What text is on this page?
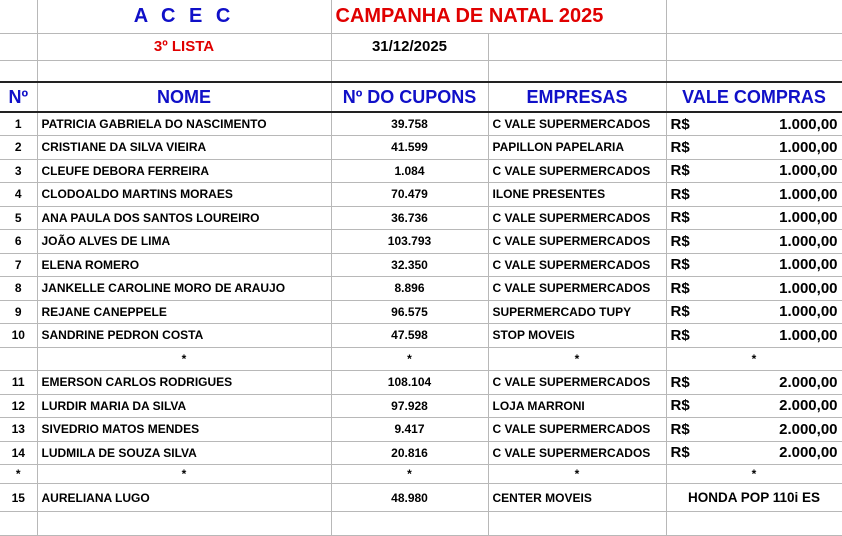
	A C E C	CAMPANHA DE NATAL 2025		
	3º LISTA	31/12/2025		

Nº	NOME	Nº DO CUPONS	EMPRESAS	VALE COMPRAS
1	PATRICIA GABRIELA DO NASCIMENTO	39.758	C VALE SUPERMERCADOS	R$ 1.000,00

2	CRISTIANE DA SILVA VIEIRA	41.599	PAPILLON PAPELARIA	R$ 1.000,00

3	CLEUFE DEBORA FERREIRA	1.084	C VALE SUPERMERCADOS	R$ 1.000,00

4	CLODOALDO MARTINS MORAES	70.479	ILONE PRESENTES	R$ 1.000,00

5	ANA PAULA DOS SANTOS LOUREIRO	36.736	C VALE SUPERMERCADOS	R$ 1.000,00

6	JOÃO ALVES DE LIMA	103.793	C VALE SUPERMERCADOS	R$ 1.000,00

7	ELENA ROMERO	32.350	C VALE SUPERMERCADOS	R$ 1.000,00

8	JANKELLE CAROLINE MORO DE ARAUJO	8.896	C VALE SUPERMERCADOS	R$ 1.000,00

9	REJANE CANEPPELE	96.575	SUPERMERCADO TUPY	R$ 1.000,00

10	SANDRINE PEDRON COSTA	47.598	STOP MOVEIS	R$ 1.000,00

	*	*	*	*
11	EMERSON CARLOS RODRIGUES	108.104	C VALE SUPERMERCADOS	R$ 2.000,00

12	LURDIR MARIA DA SILVA	97.928	LOJA MARRONI	R$ 2.000,00

13	SIVEDRIO MATOS MENDES	9.417	C VALE SUPERMERCADOS	R$ 2.000,00

14	LUDMILA DE SOUZA SILVA	20.816	C VALE SUPERMERCADOS	R$ 2.000,00

*	*	*	*	*
15	AURELIANA LUGO	48.980	CENTER MOVEIS	HONDA POP 110i ES
